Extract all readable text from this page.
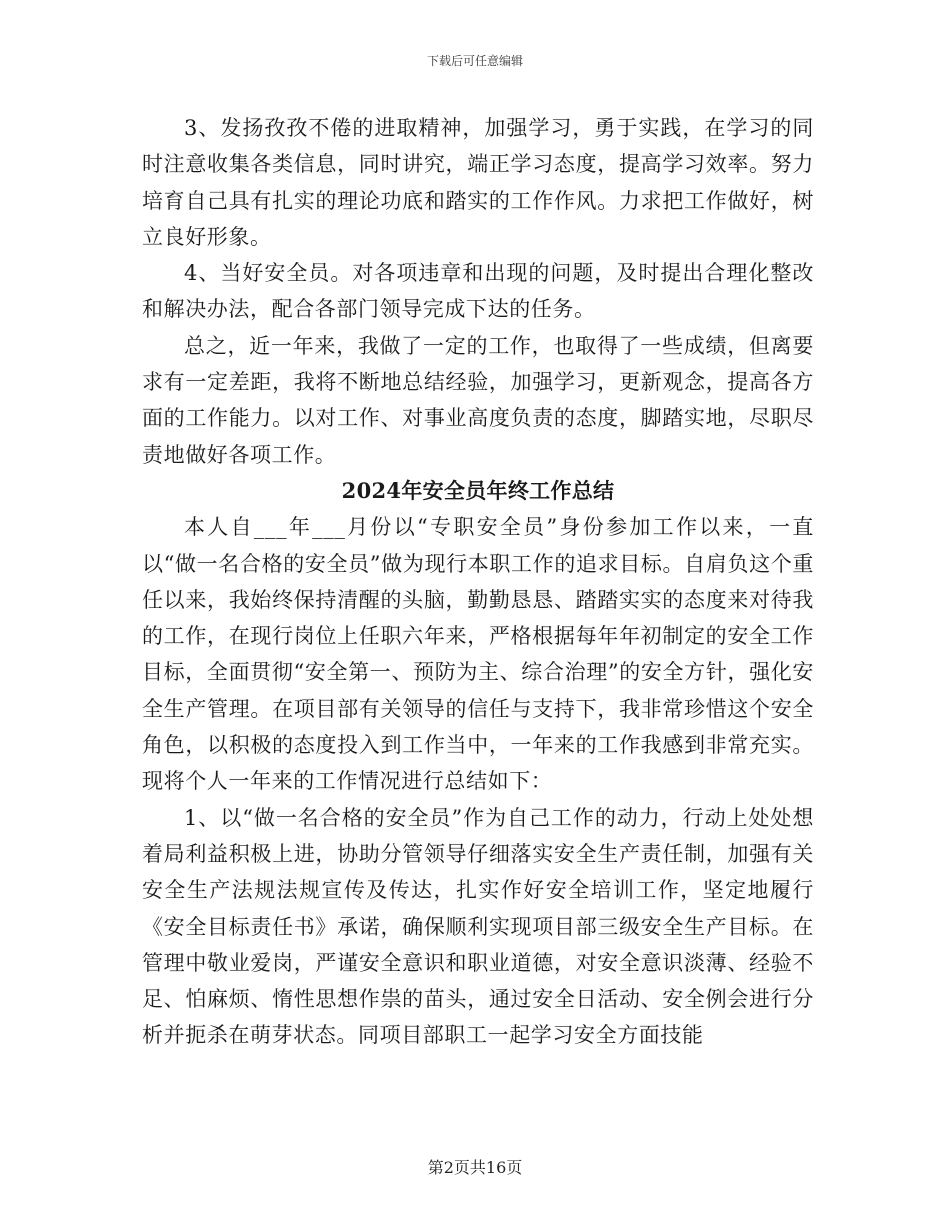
下载后可任意编辑

3、发扬孜孜不倦的进取精神，加强学习，勇于实践，在学习的同时注意收集各类信息，同时讲究，端正学习态度，提高学习效率。努力培育自己具有扎实的理论功底和踏实的工作作风。力求把工作做好，树立良好形象。

4、当好安全员。对各项违章和出现的问题，及时提出合理化整改和解决办法，配合各部门领导完成下达的任务。

总之，近一年来，我做了一定的工作，也取得了一些成绩，但离要求有一定差距，我将不断地总结经验，加强学习，更新观念，提高各方面的工作能力。以对工作、对事业高度负责的态度，脚踏实地，尽职尽责地做好各项工作。

2024年安全员年终工作总结

本人自___年___月份以“专职安全员”身份参加工作以来，一直以“做一名合格的安全员”做为现行本职工作的追求目标。自肩负这个重任以来，我始终保持清醒的头脑，勤勤恳恳、踏踏实实的态度来对待我的工作，在现行岗位上任职六年来，严格根据每年年初制定的安全工作目标，全面贯彻“安全第一、预防为主、综合治理”的安全方针，强化安全生产管理。在项目部有关领导的信任与支持下，我非常珍惜这个安全角色，以积极的态度投入到工作当中，一年来的工作我感到非常充实。现将个人一年来的工作情况进行总结如下：

1、以“做一名合格的安全员”作为自己工作的动力，行动上处处想着局利益积极上进，协助分管领导仔细落实安全生产责任制，加强有关安全生产法规法规宣传及传达，扎实作好安全培训工作，坚定地履行《安全目标责任书》承诺，确保顺利实现项目部三级安全生产目标。在管理中敬业爱岗，严谨安全意识和职业道德，对安全意识淡薄、经验不足、怕麻烦、惰性思想作祟的苗头，通过安全日活动、安全例会进行分析并扼杀在萌芽状态。同项目部职工一起学习安全方面技能

第2页共16页
